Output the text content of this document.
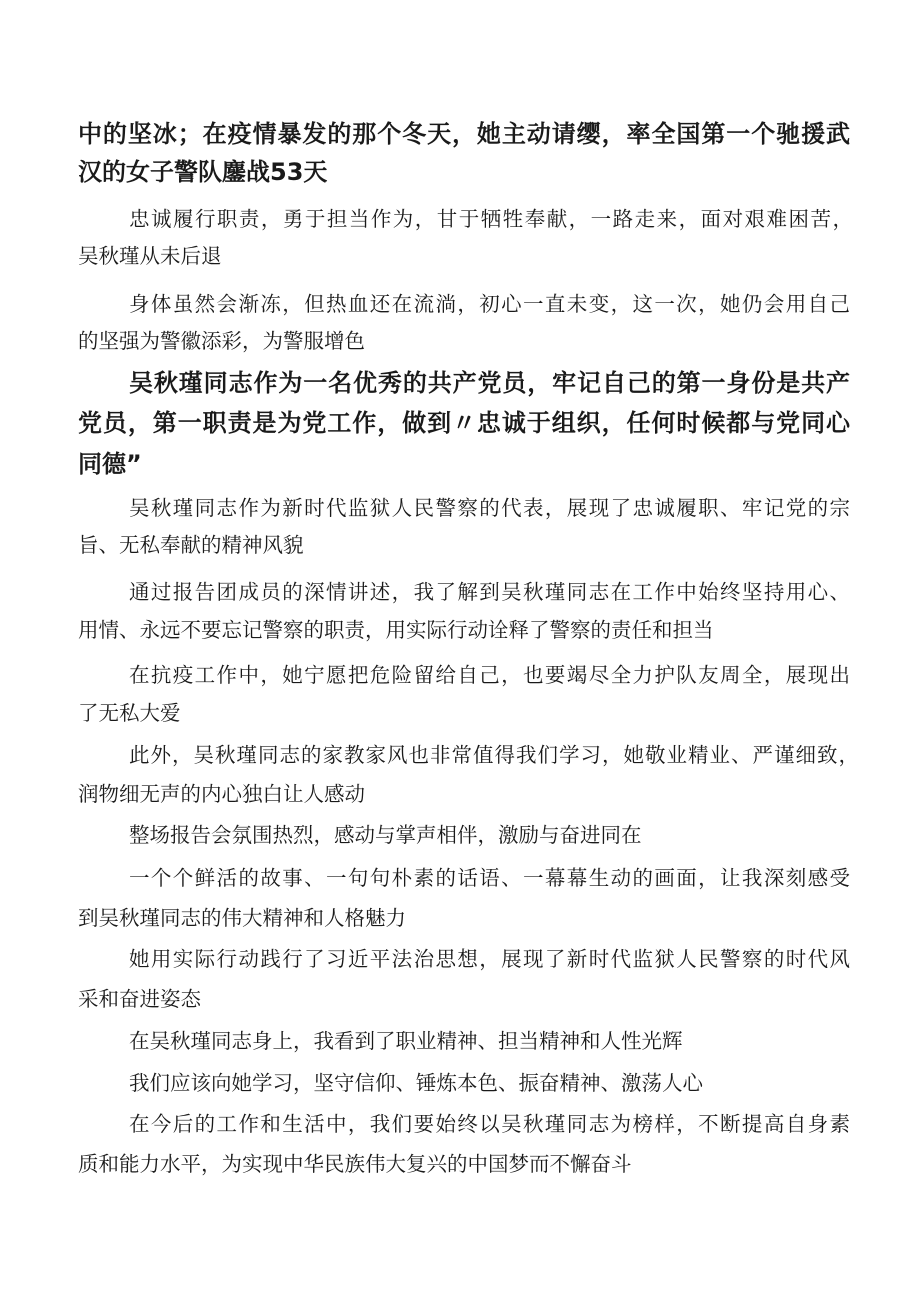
中的坚冰；在疫情暴发的那个冬天，她主动请缨，率全国第一个驰援武
汉的女子警队鏖战53天
忠诚履行职责，勇于担当作为，甘于牺牲奉献，一路走来，面对艰难困苦，
吴秋瑾从未后退
身体虽然会渐冻，但热血还在流淌，初心一直未变，这一次，她仍会用自己
的坚强为警徽添彩，为警服增色
吴秋瑾同志作为一名优秀的共产党员，牢记自己的第一身份是共产
党员，第一职责是为党工作，做到〃忠诚于组织，任何时候都与党同心
同德”
吴秋瑾同志作为新时代监狱人民警察的代表，展现了忠诚履职、牢记党的宗
旨、无私奉献的精神风貌
通过报告团成员的深情讲述，我了解到吴秋瑾同志在工作中始终坚持用心、
用情、永远不要忘记警察的职责，用实际行动诠释了警察的责任和担当
在抗疫工作中，她宁愿把危险留给自己，也要竭尽全力护队友周全，展现出
了无私大爱
此外，吴秋瑾同志的家教家风也非常值得我们学习，她敬业精业、严谨细致，
润物细无声的内心独白让人感动
整场报告会氛围热烈，感动与掌声相伴，激励与奋进同在
一个个鲜活的故事、一句句朴素的话语、一幕幕生动的画面，让我深刻感受
到吴秋瑾同志的伟大精神和人格魅力
她用实际行动践行了习近平法治思想，展现了新时代监狱人民警察的时代风
采和奋进姿态
在吴秋瑾同志身上，我看到了职业精神、担当精神和人性光辉
我们应该向她学习，坚守信仰、锤炼本色、振奋精神、激荡人心
在今后的工作和生活中，我们要始终以吴秋瑾同志为榜样，不断提高自身素
质和能力水平，为实现中华民族伟大复兴的中国梦而不懈奋斗
